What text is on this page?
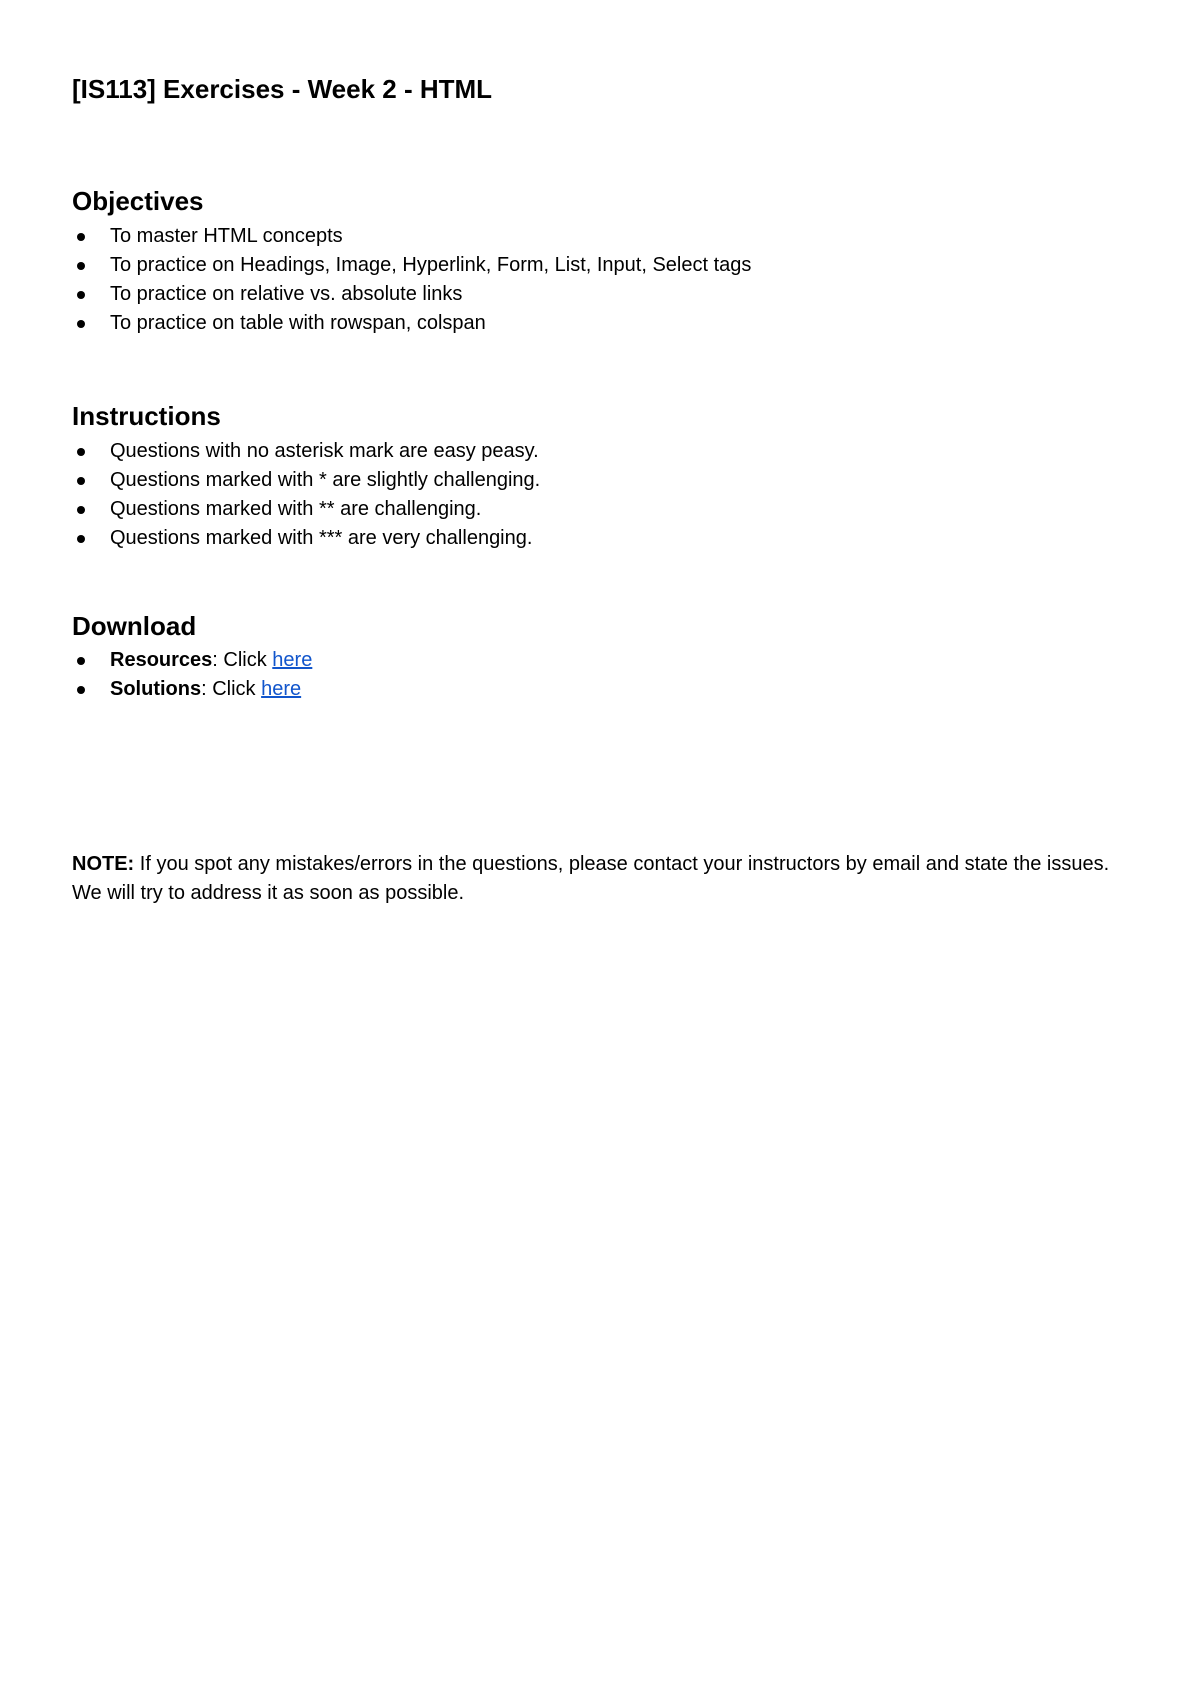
[IS113] Exercises - Week 2 - HTML
Objectives
To master HTML concepts
To practice on Headings, Image, Hyperlink, Form, List, Input, Select tags
To practice on relative vs. absolute links
To practice on table with rowspan, colspan
Instructions
Questions with no asterisk mark are easy peasy.
Questions marked with * are slightly challenging.
Questions marked with ** are challenging.
Questions marked with *** are very challenging.
Download
Resources: Click here
Solutions: Click here
NOTE: If you spot any mistakes/errors in the questions, please contact your instructors by email and state the issues. We will try to address it as soon as possible.
